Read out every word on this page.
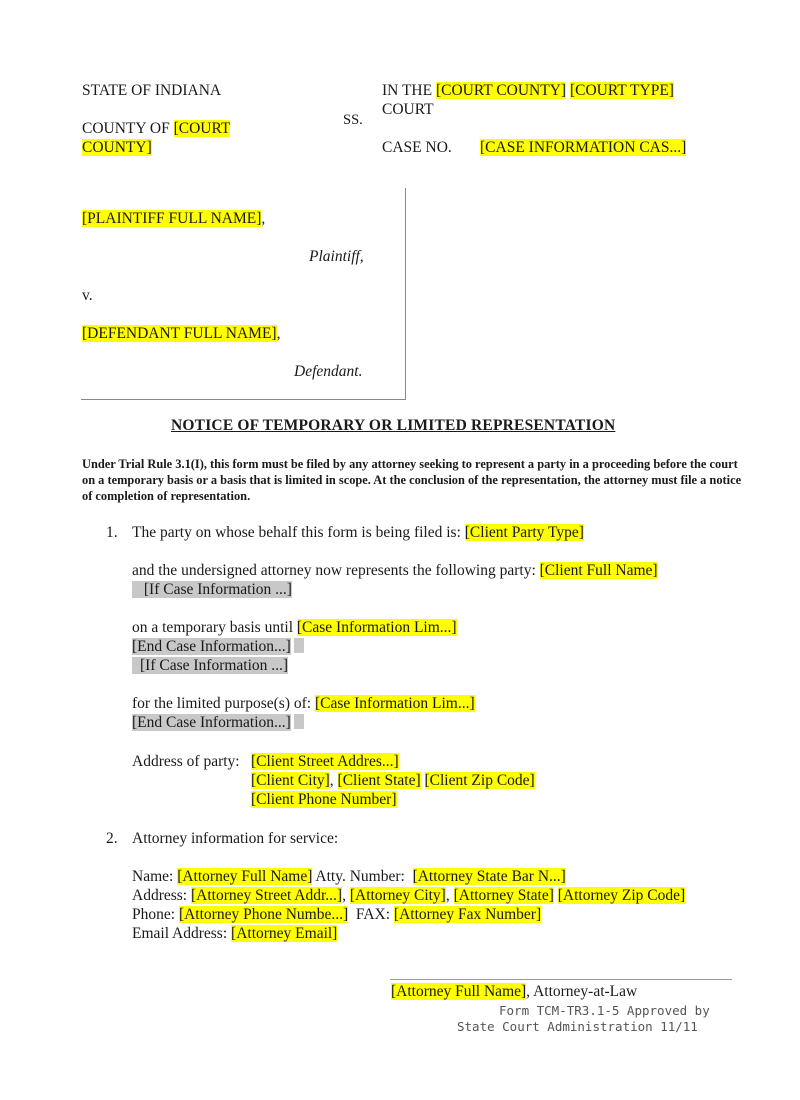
STATE OF INDIANA
COUNTY OF [COURT
COUNTY]
SS.
IN THE [COURT COUNTY] [COURT TYPE]
COURT
CASE NO. [CASE INFORMATION CAS...]
[PLAINTIFF FULL NAME],
Plaintiff,
v.
[DEFENDANT FULL NAME],
Defendant.
NOTICE OF TEMPORARY OR LIMITED REPRESENTATION
Under Trial Rule 3.1(I), this form must be filed by any attorney seeking to represent a party in a proceeding before the court on a temporary basis or a basis that is limited in scope. At the conclusion of the representation, the attorney must file a notice of completion of representation.
1. The party on whose behalf this form is being filed is: [Client Party Type]
and the undersigned attorney now represents the following party: [Client Full Name]
[If Case Information ...]
on a temporary basis until [Case Information Lim...]
[End Case Information...]
[If Case Information ...]
for the limited purpose(s) of: [Case Information Lim...]
[End Case Information...]
Address of party: [Client Street Addres...]
[Client City], [Client State] [Client Zip Code]
[Client Phone Number]
2. Attorney information for service:
Name: [Attorney Full Name] Atty. Number: [Attorney State Bar N...]
Address: [Attorney Street Addr...], [Attorney City], [Attorney State] [Attorney Zip Code]
Phone: [Attorney Phone Numbe...] FAX: [Attorney Fax Number]
Email Address: [Attorney Email]
[Attorney Full Name], Attorney-at-Law
Form TCM-TR3.1-5 Approved by
State Court Administration 11/11
